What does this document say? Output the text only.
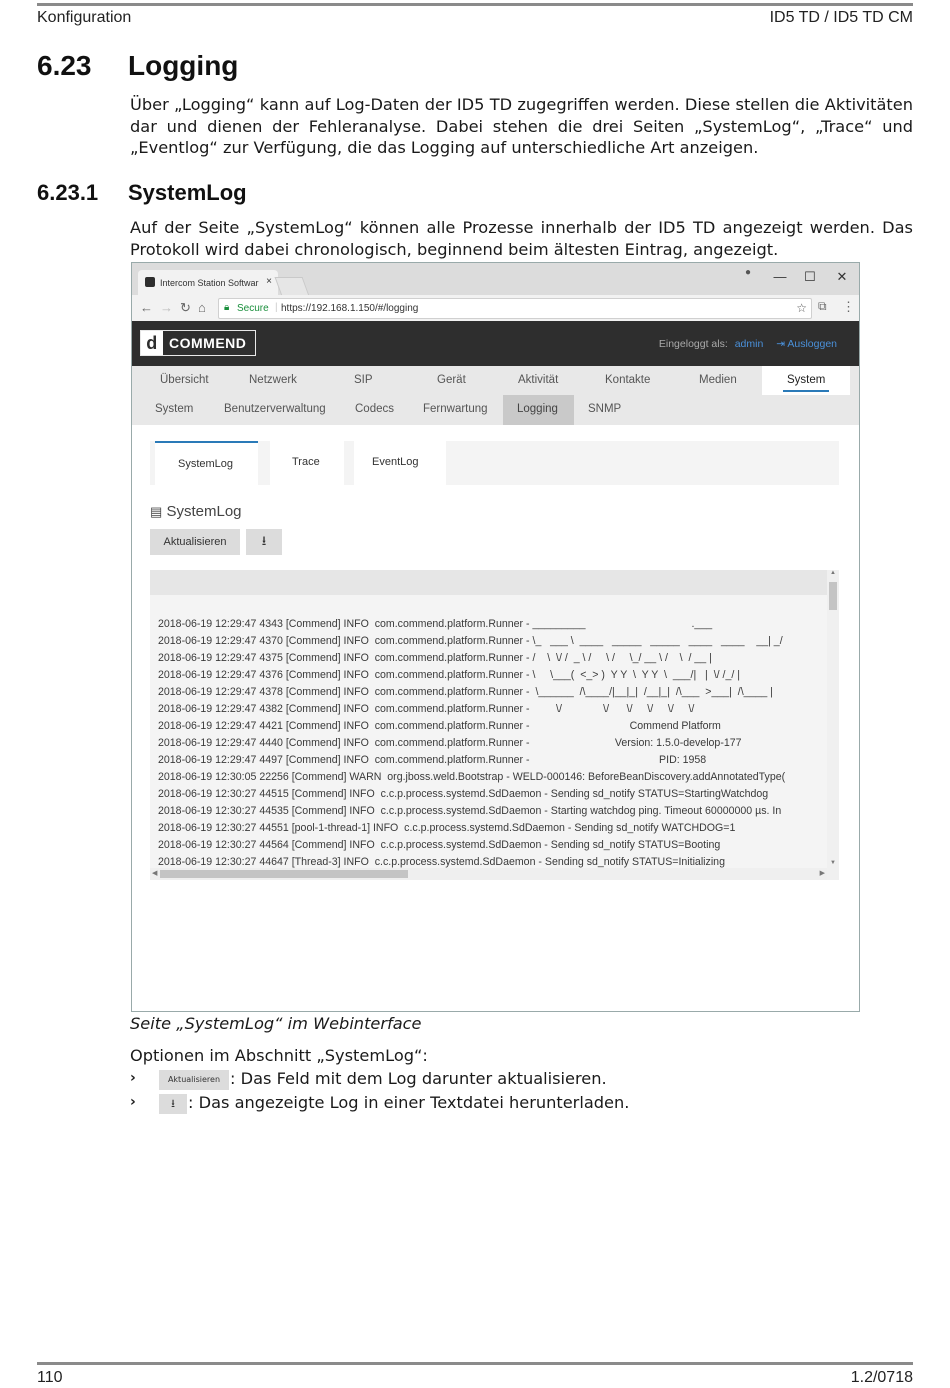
Konfiguration	ID5 TD / ID5 TD CM
6.23 Logging

Über „Logging“ kann auf Log-Daten der ID5 TD zugegriffen werden. Diese stellen die Aktivitäten dar und dienen der Fehleranalyse. Dabei stehen die drei Seiten „SystemLog“, „Trace“ und „Eventlog“ zur Verfügung, die das Logging auf unterschiedliche Art anzeigen.

6.23.1 SystemLog

Auf der Seite „SystemLog“ können alle Prozesse innerhalb der ID5 TD angezeigt werden. Das Protokoll wird dabei chronologisch, beginnend beim ältesten Eintrag, angezeigt.

Intercom Station Softwar ×
●	— ☐ ✕
← → ↻ ⌂ 🔒︎ Secure | https://192.168.1.150/#/logging	☆ ⧉ ⋮
d COMMEND	Eingeloggt als: admin ⇥ Ausloggen
Übersicht	Netzwerk	SIP	Gerät	Aktivität	Kontakte	Medien	System
System	Benutzerverwaltung	Codecs	Fernwartung	Logging	SNMP
SystemLog	Trace	EventLog
▤ SystemLog
Aktualisieren	⭳
2018-06-19 12:29:47 4343 [Commend] INFO  com.commend.platform.Runner - _________                                    .___
2018-06-19 12:29:47 4370 [Commend] INFO  com.commend.platform.Runner - \_   ___ \  ____   _____   _____   ____   ____    __| _/
2018-06-19 12:29:47 4375 [Commend] INFO  com.commend.platform.Runner - /    \  \/ /  _ \ /     \ /     \_/ __ \ /    \  / __ |
2018-06-19 12:29:47 4376 [Commend] INFO  com.commend.platform.Runner - \     \___(  <_> )  Y Y  \  Y Y  \  ___/|   |  \/ /_/ |
2018-06-19 12:29:47 4378 [Commend] INFO  com.commend.platform.Runner -  \______  /\____/|__|_|  /__|_|  /\___  >___|  /\____ |
2018-06-19 12:29:47 4382 [Commend] INFO  com.commend.platform.Runner -         \/              \/      \/     \/     \/     \/
2018-06-19 12:29:47 4421 [Commend] INFO  com.commend.platform.Runner -                                  Commend Platform
2018-06-19 12:29:47 4440 [Commend] INFO  com.commend.platform.Runner -                             Version: 1.5.0-develop-177
2018-06-19 12:29:47 4497 [Commend] INFO  com.commend.platform.Runner -                                            PID: 1958
2018-06-19 12:30:05 22256 [Commend] WARN  org.jboss.weld.Bootstrap - WELD-000146: BeforeBeanDiscovery.addAnnotatedType(
2018-06-19 12:30:27 44515 [Commend] INFO  c.c.p.process.systemd.SdDaemon - Sending sd_notify STATUS=StartingWatchdog
2018-06-19 12:30:27 44535 [Commend] INFO  c.c.p.process.systemd.SdDaemon - Starting watchdog ping. Timeout 60000000 µs. In
2018-06-19 12:30:27 44551 [pool-1-thread-1] INFO  c.c.p.process.systemd.SdDaemon - Sending sd_notify WATCHDOG=1
2018-06-19 12:30:27 44564 [Commend] INFO  c.c.p.process.systemd.SdDaemon - Sending sd_notify STATUS=Booting
2018-06-19 12:30:27 44647 [Thread-3] INFO  c.c.p.process.systemd.SdDaemon - Sending sd_notify STATUS=Initializing
▲
▼
◀	▶
Seite „SystemLog“ im Webinterface
Optionen im Abschnitt „SystemLog“:
›	Aktualisieren : Das Feld mit dem Log darunter aktualisieren.
›	⭳ : Das angezeigte Log in einer Textdatei herunterladen.
110	1.2/0718
